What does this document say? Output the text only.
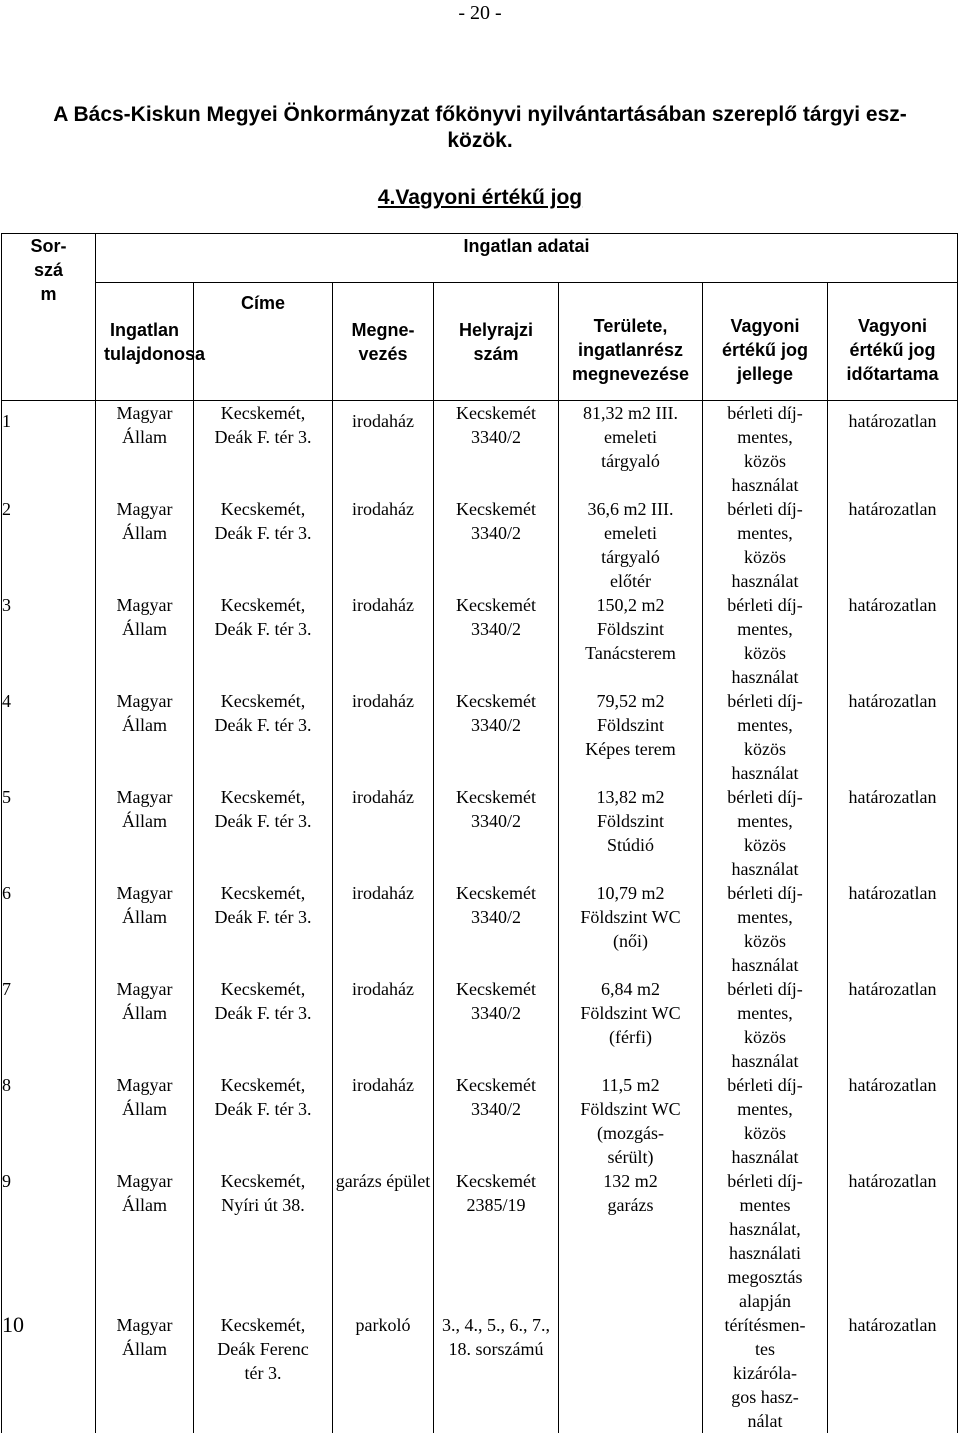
- 20 -
A Bács-Kiskun Megyei Önkormányzat főkönyvi nyilvántartásában szereplő tárgyi esz-
közök.
4.Vagyoni értékű jog
Sor-szá m	Ingatlan adatai						

	Ingatlan tulajdonosa	Címe	Megne-vezés	Helyrajzi szám	Területe, ingatlanrész megnevezése	Vagyoni értékű jog jellege	Vagyoni értékű jog időtartama

1	Magyar Állam	Kecskemét, Deák F. tér 3.	irodaház	Kecskemét 3340/2	81,32 m2 III. emeleti tárgyaló	bérleti díj-mentes, közös használat	határozatlan
2	Magyar Állam	Kecskemét, Deák F. tér 3.	irodaház	Kecskemét 3340/2	36,6 m2 III. emeleti tárgyaló előtér	bérleti díj-mentes, közös használat	határozatlan
3	Magyar Állam	Kecskemét, Deák F. tér 3.	irodaház	Kecskemét 3340/2	150,2 m2 Földszint Tanácsterem	bérleti díj-mentes, közös használat	határozatlan
4	Magyar Állam	Kecskemét, Deák F. tér 3.	irodaház	Kecskemét 3340/2	79,52 m2 Földszint Képes terem	bérleti díj-mentes, közös használat	határozatlan
5	Magyar Állam	Kecskemét, Deák F. tér 3.	irodaház	Kecskemét 3340/2	13,82 m2 Földszint Stúdió	bérleti díj-mentes, közös használat	határozatlan
6	Magyar Állam	Kecskemét, Deák F. tér 3.	irodaház	Kecskemét 3340/2	10,79 m2 Földszint WC (női)	bérleti díj-mentes, közös használat	határozatlan
7	Magyar Állam	Kecskemét, Deák F. tér 3.	irodaház	Kecskemét 3340/2	6,84 m2 Földszint WC (férfi)	bérleti díj-mentes, közös használat	határozatlan
8	Magyar Állam	Kecskemét, Deák F. tér 3.	irodaház	Kecskemét 3340/2	11,5 m2 Földszint WC (mozgás-sérült)	bérleti díj-mentes, közös használat	határozatlan
9	Magyar Állam	Kecskemét, Nyíri út 38.	garázs épület	Kecskemét 2385/19	132 m2 garázs	bérleti díj-mentes használat, használati megosztás alapján	határozatlan
10	Magyar Állam	Kecskemét, Deák Ferenc tér 3.	parkoló	3., 4., 5., 6., 7., 18. sorszámú		térítésmen-tes kizáróla-gos hasz-nálat	határozatlan
